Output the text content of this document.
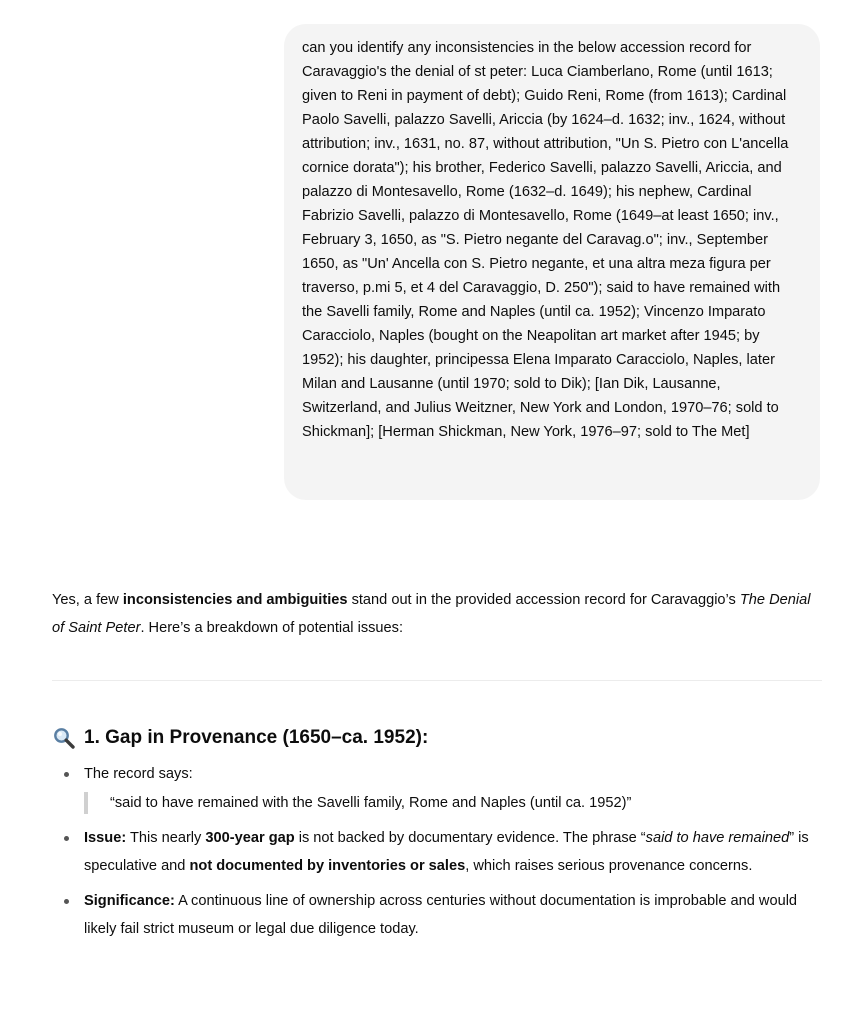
can you identify any inconsistencies in the below accession record for Caravaggio's the denial of st peter: Luca Ciamberlano, Rome (until 1613; given to Reni in payment of debt); Guido Reni, Rome (from 1613); Cardinal Paolo Savelli, palazzo Savelli, Ariccia (by 1624–d. 1632; inv., 1624, without attribution; inv., 1631, no. 87, without attribution, "Un S. Pietro con L'ancella cornice dorata"); his brother, Federico Savelli, palazzo Savelli, Ariccia, and palazzo di Montesavello, Rome (1632–d. 1649); his nephew, Cardinal Fabrizio Savelli, palazzo di Montesavello, Rome (1649–at least 1650; inv., February 3, 1650, as "S. Pietro negante del Caravag.o"; inv., September 1650, as "Un' Ancella con S. Pietro negante, et una altra meza figura per traverso, p.mi 5, et 4 del Caravaggio, D. 250"); said to have remained with the Savelli family, Rome and Naples (until ca. 1952); Vincenzo Imparato Caracciolo, Naples (bought on the Neapolitan art market after 1945; by 1952); his daughter, principessa Elena Imparato Caracciolo, Naples, later Milan and Lausanne (until 1970; sold to Dik); [Ian Dik, Lausanne, Switzerland, and Julius Weitzner, New York and London, 1970–76; sold to Shickman]; [Herman Shickman, New York, 1976–97; sold to The Met]

Yes, a few inconsistencies and ambiguities stand out in the provided accession record for Caravaggio’s The Denial of Saint Peter. Here’s a breakdown of potential issues:

1. Gap in Provenance (1650–ca. 1952):
The record says:
“said to have remained with the Savelli family, Rome and Naples (until ca. 1952)”
Issue: This nearly 300-year gap is not backed by documentary evidence. The phrase “said to have remained” is speculative and not documented by inventories or sales, which raises serious provenance concerns.
Significance: A continuous line of ownership across centuries without documentation is improbable and would likely fail strict museum or legal due diligence today.
